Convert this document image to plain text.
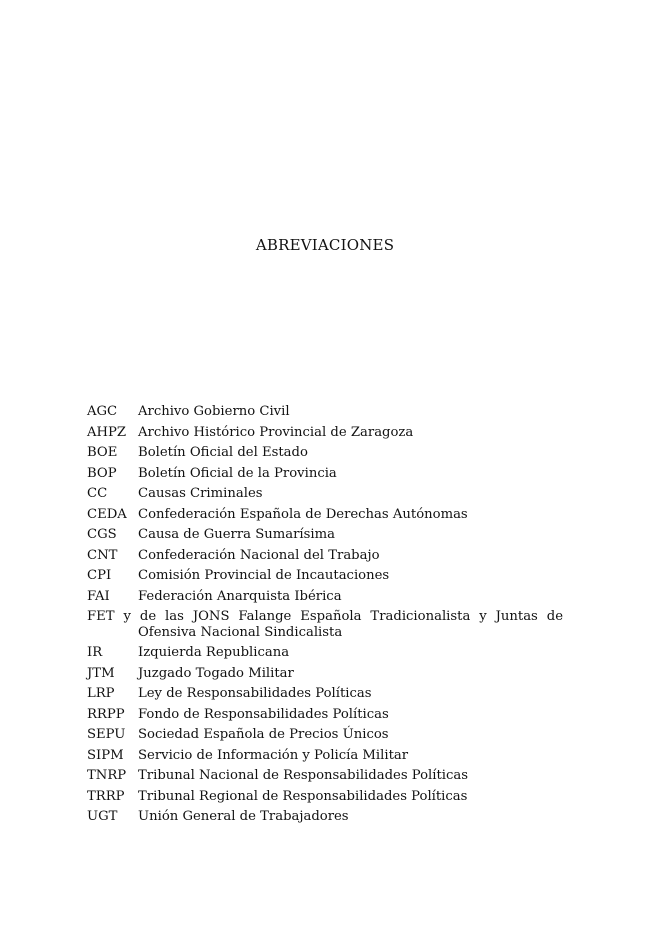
ABREVIACIONES
AGC Archivo Gobierno Civil
AHPZ Archivo Histórico Provincial de Zaragoza
BOE Boletín Oficial del Estado
BOP Boletín Oficial de la Provincia
CC Causas Criminales
CEDA Confederación Española de Derechas Autónomas
CGS Causa de Guerra Sumarísima
CNT Confederación Nacional del Trabajo
CPI Comisión Provincial de Incautaciones
FAI Federación Anarquista Ibérica
FET y de las JONS Falange Española Tradicionalista y Juntas de
Ofensiva Nacional Sindicalista
IR	Izquierda Republicana
JTM Juzgado Togado Militar
LRP Ley de Responsabilidades Políticas
RRPP Fondo de Responsabilidades Políticas
SEPU Sociedad Española de Precios Únicos
SIPM Servicio de Información y Policía Militar
TNRP Tribunal Nacional de Responsabilidades Políticas
TRRP Tribunal Regional de Responsabilidades Políticas
UGT Unión General de Trabajadores
